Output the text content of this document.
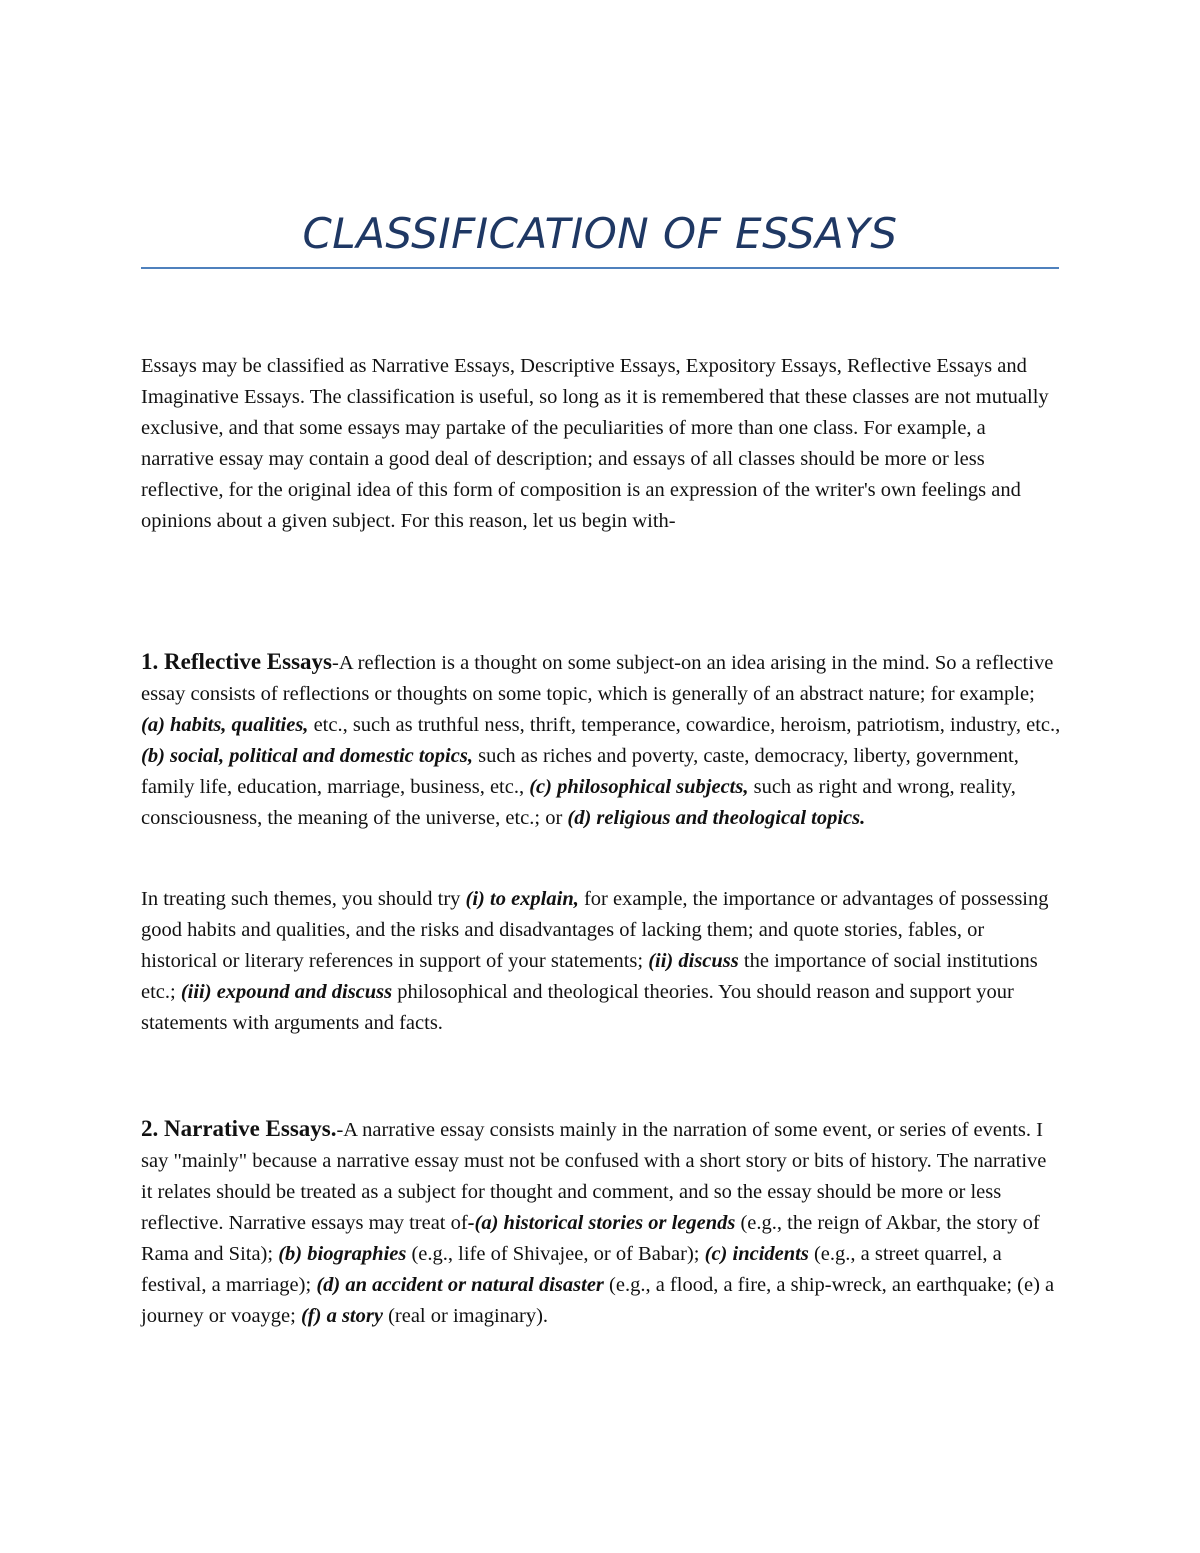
CLASSIFICATION OF ESSAYS

Essays may be classified as Narrative Essays, Descriptive Essays, Expository Essays, Reflective Essays and Imaginative Essays. The classification is useful, so long as it is remembered that these classes are not mutually exclusive, and that some essays may partake of the peculiarities of more than one class. For example, a narrative essay may contain a good deal of description; and essays of all classes should be more or less reflective, for the original idea of this form of composition is an expression of the writer's own feelings and opinions about a given subject. For this reason, let us begin with-

1. Reflective Essays-A reflection is a thought on some subject-on an idea arising in the mind. So a reflective essay consists of reflections or thoughts on some topic, which is generally of an abstract nature; for example; (a) habits, qualities, etc., such as truthful ness, thrift, temperance, cowardice, heroism, patriotism, industry, etc., (b) social, political and domestic topics, such as riches and poverty, caste, democracy, liberty, government, family life, education, marriage, business, etc., (c) philosophical subjects, such as right and wrong, reality, consciousness, the meaning of the universe, etc.; or (d) religious and theological topics.

In treating such themes, you should try (i) to explain, for example, the importance or advantages of possessing good habits and qualities, and the risks and disadvantages of lacking them; and quote stories, fables, or historical or literary references in support of your statements; (ii) discuss the importance of social institutions etc.; (iii) expound and discuss philosophical and theological theories. You should reason and support your statements with arguments and facts.

2. Narrative Essays.-A narrative essay consists mainly in the narration of some event, or series of events. I say "mainly" because a narrative essay must not be confused with a short story or bits of history. The narrative it relates should be treated as a subject for thought and comment, and so the essay should be more or less reflective. Narrative essays may treat of-(a) historical stories or legends (e.g., the reign of Akbar, the story of Rama and Sita); (b) biographies (e.g., life of Shivajee, or of Babar); (c) incidents (e.g., a street quarrel, a festival, a marriage); (d) an accident or natural disaster (e.g., a flood, a fire, a ship-wreck, an earthquake; (e) a journey or voayge; (f) a story (real or imaginary).
